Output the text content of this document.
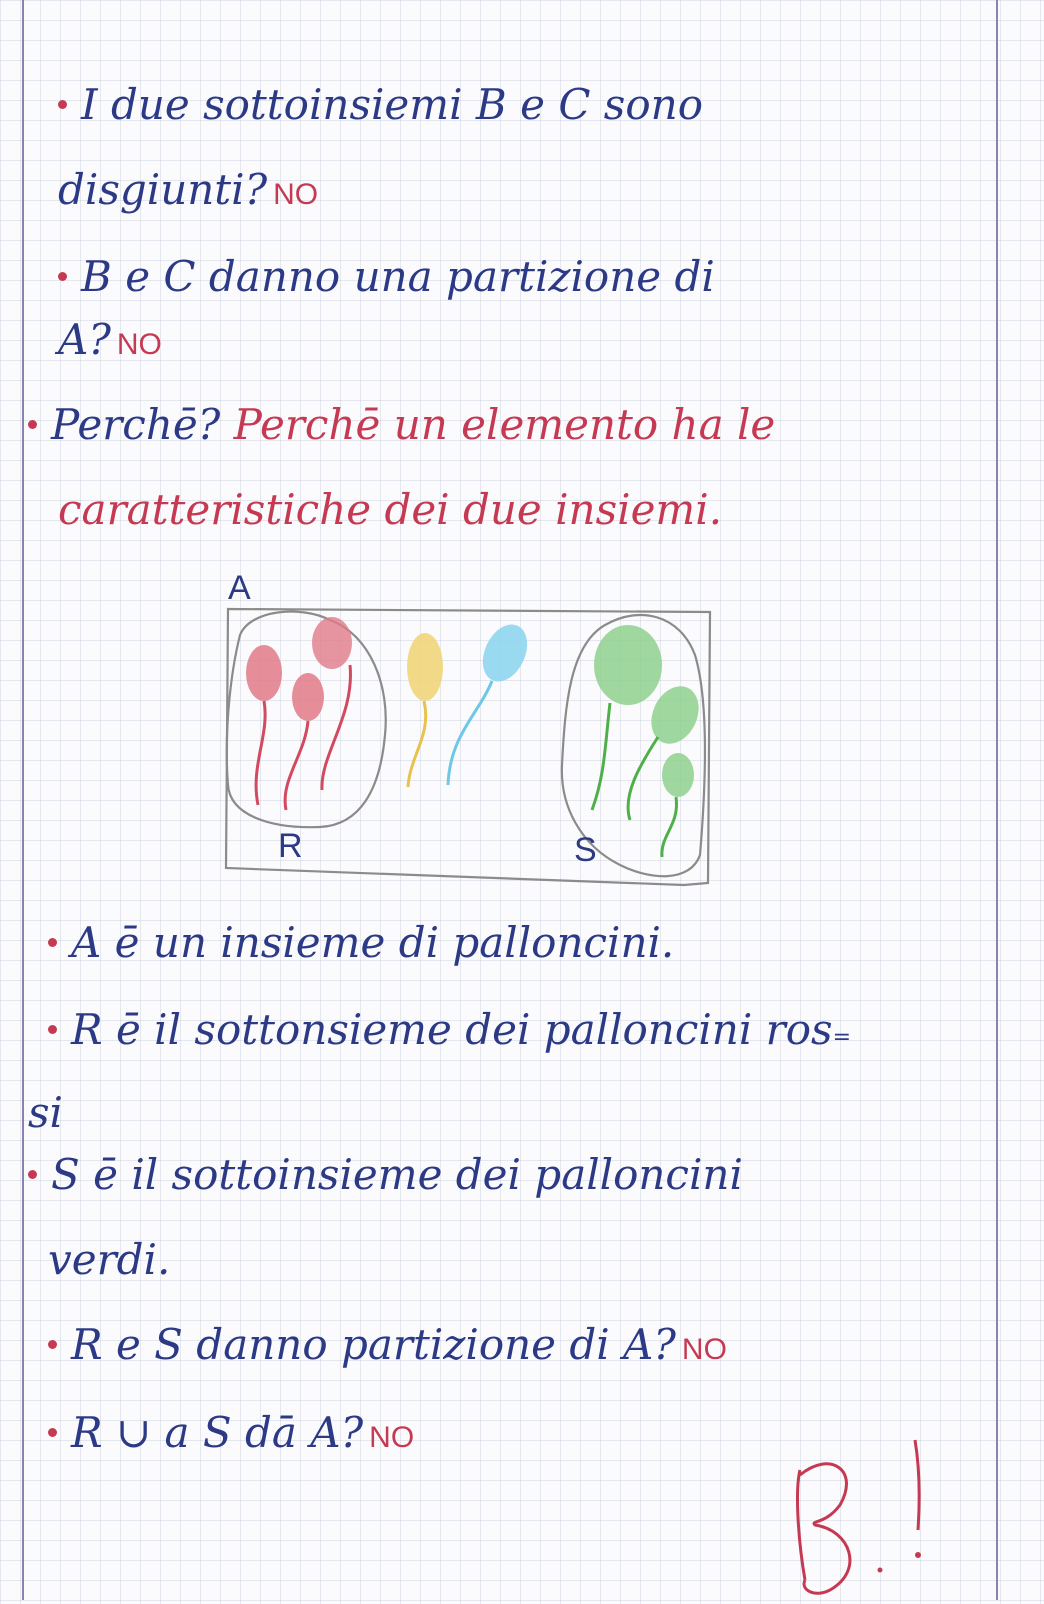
I due sottoinsiemi B e C sono
disgiunti? NO
B e C danno una partizione di
A? NO
Perchē? Perchē un elemento ha le
caratteristiche dei due insiemi.
A
R	S
A ē un insieme di palloncini.
R ē il sottonsieme dei palloncini ros=
si
S ē il sottoinsieme dei palloncini
verdi.
R e S danno partizione di A? NO
R ∪ a S dā A? NO
